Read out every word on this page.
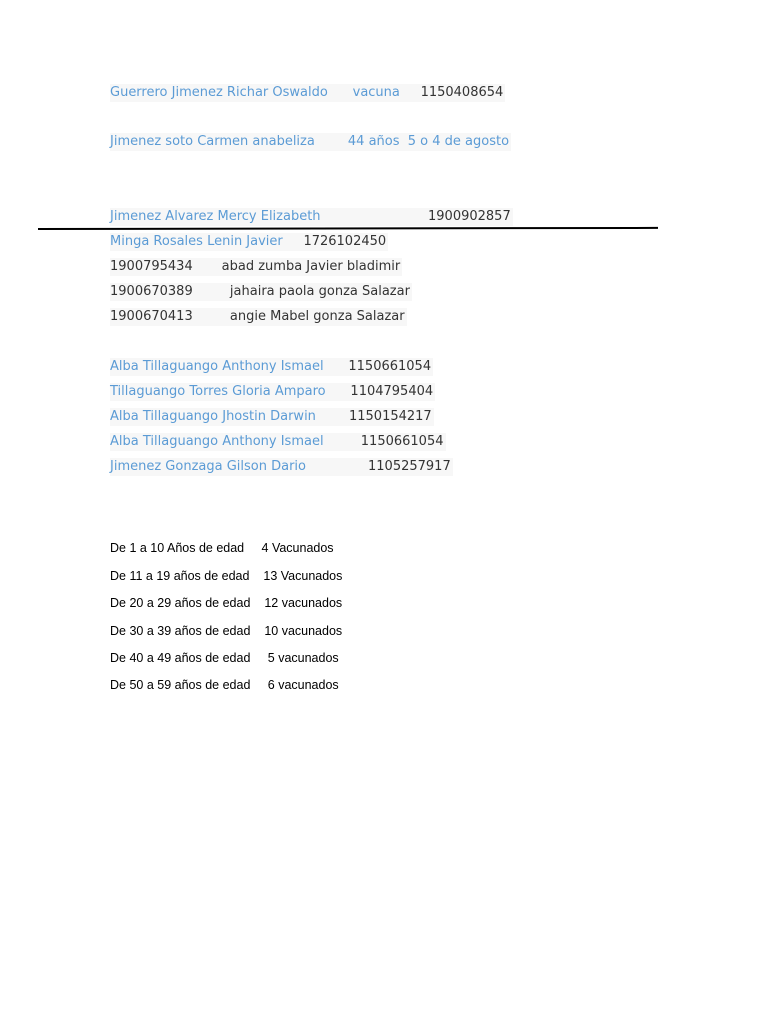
Guerrero Jimenez Richar Oswaldo vacuna 1150408654
Jimenez soto Carmen anabeliza	44 años  5 o 4 de agosto
Jimenez Alvarez Mercy Elizabeth	1900902857
Minga Rosales Lenin Javier 1726102450
1900795434 abad zumba Javier bladimir
1900670389	jahaira paola gonza Salazar
1900670413	angie Mabel gonza Salazar
Alba Tillaguango Anthony Ismael 1150661054
Tillaguango Torres Gloria Amparo 1104795404
Alba Tillaguango Jhostin Darwin	1150154217
Alba Tillaguango Anthony Ismael	1150661054
Jimenez Gonzaga Gilson Dario	1105257917
De 1 a 10 Años de edad 4 Vacunados
De 11 a 19 años de edad 13 Vacunados
De 20 a 29 años de edad 12 vacunados
De 30 a 39 años de edad 10 vacunados
De 40 a 49 años de edad 5 vacunados
De 50 a 59 años de edad 6 vacunados
